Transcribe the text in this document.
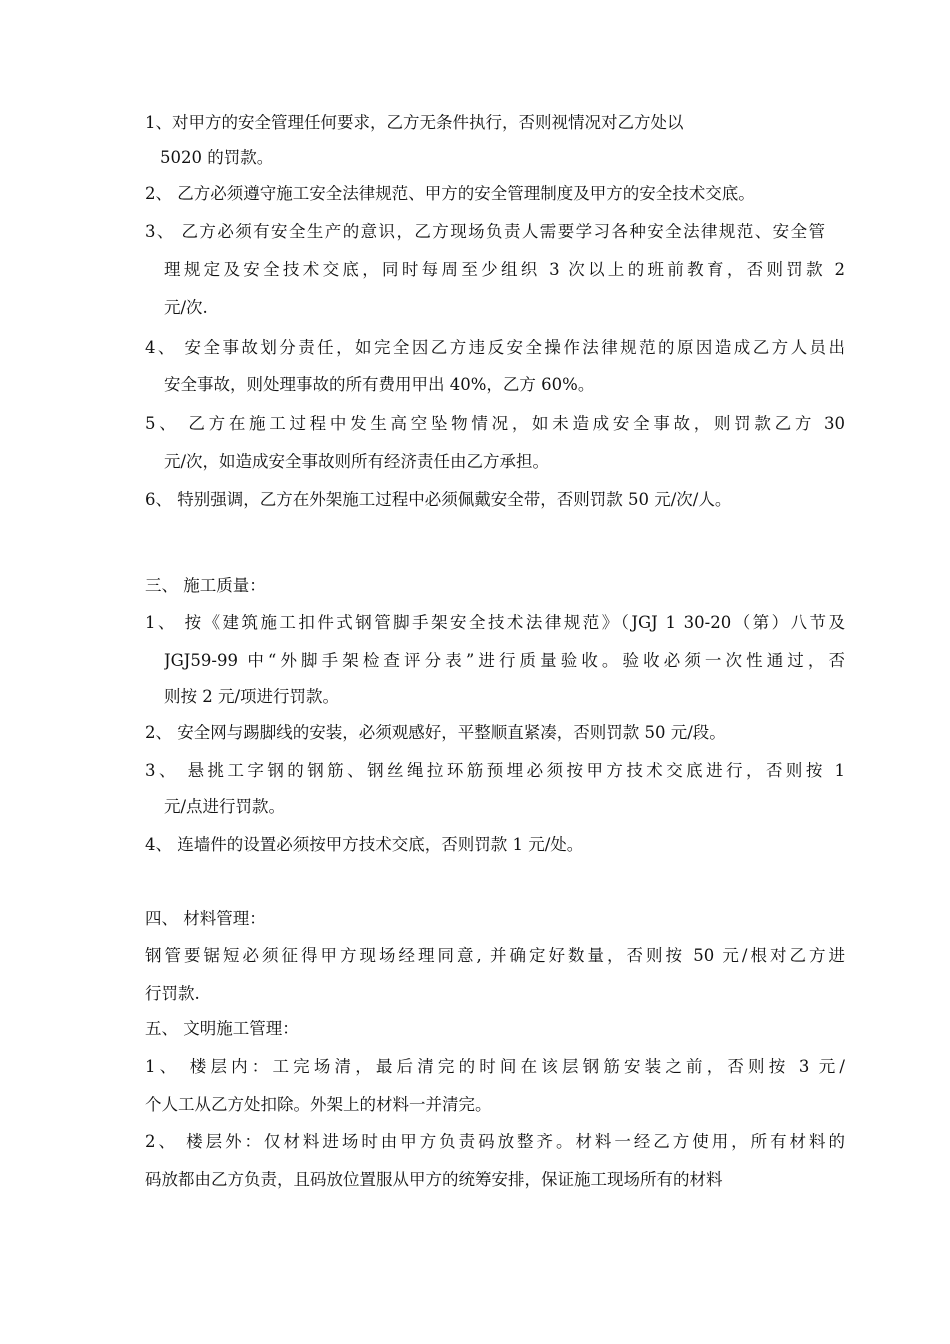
1、对甲方的安全管理任何要求，乙方无条件执行，否则视情况对乙方处以
5020 的罚款。
2、 乙方必须遵守施工安全法律规范、甲方的安全管理制度及甲方的安全技术交底。
3、 乙方必须有安全生产的意识，乙方现场负责人需要学习各种安全法律规范、安全管
理规定及安全技术交底，同时每周至少组织 3 次以上的班前教育，否则罚款 2
元/次.
4、 安全事故划分责任，如完全因乙方违反安全操作法律规范的原因造成乙方人员出
安全事故，则处理事故的所有费用甲出 40%，乙方 60%。
5、 乙方在施工过程中发生高空坠物情况，如未造成安全事故，则罚款乙方 30
元/次，如造成安全事故则所有经济责任由乙方承担。
6、 特别强调，乙方在外架施工过程中必须佩戴安全带，否则罚款 50 元/次/人。
三、 施工质量：
1、 按《建筑施工扣件式钢管脚手架安全技术法律规范》（JGJ 1 30-20（第）八节及
JGJ59-99 中“外脚手架检查评分表”进行质量验收。验收必须一次性通过，否
则按 2 元/项进行罚款。
2、 安全网与踢脚线的安装，必须观感好，平整顺直紧凑，否则罚款 50 元/段。
3、 悬挑工字钢的钢筋、钢丝绳拉环筋预埋必须按甲方技术交底进行，否则按 1
元/点进行罚款。
4、 连墙件的设置必须按甲方技术交底，否则罚款 1 元/处。
四、 材料管理：
钢管要锯短必须征得甲方现场经理同意, 并确定好数量，否则按 50 元/根对乙方进
行罚款.
五、 文明施工管理：
1、 楼层内：工完场清，最后清完的时间在该层钢筋安装之前，否则按 3 元/
个人工从乙方处扣除。外架上的材料一并清完。
2、 楼层外：仅材料进场时由甲方负责码放整齐。材料一经乙方使用，所有材料的
码放都由乙方负责，且码放位置服从甲方的统筹安排，保证施工现场所有的材料
